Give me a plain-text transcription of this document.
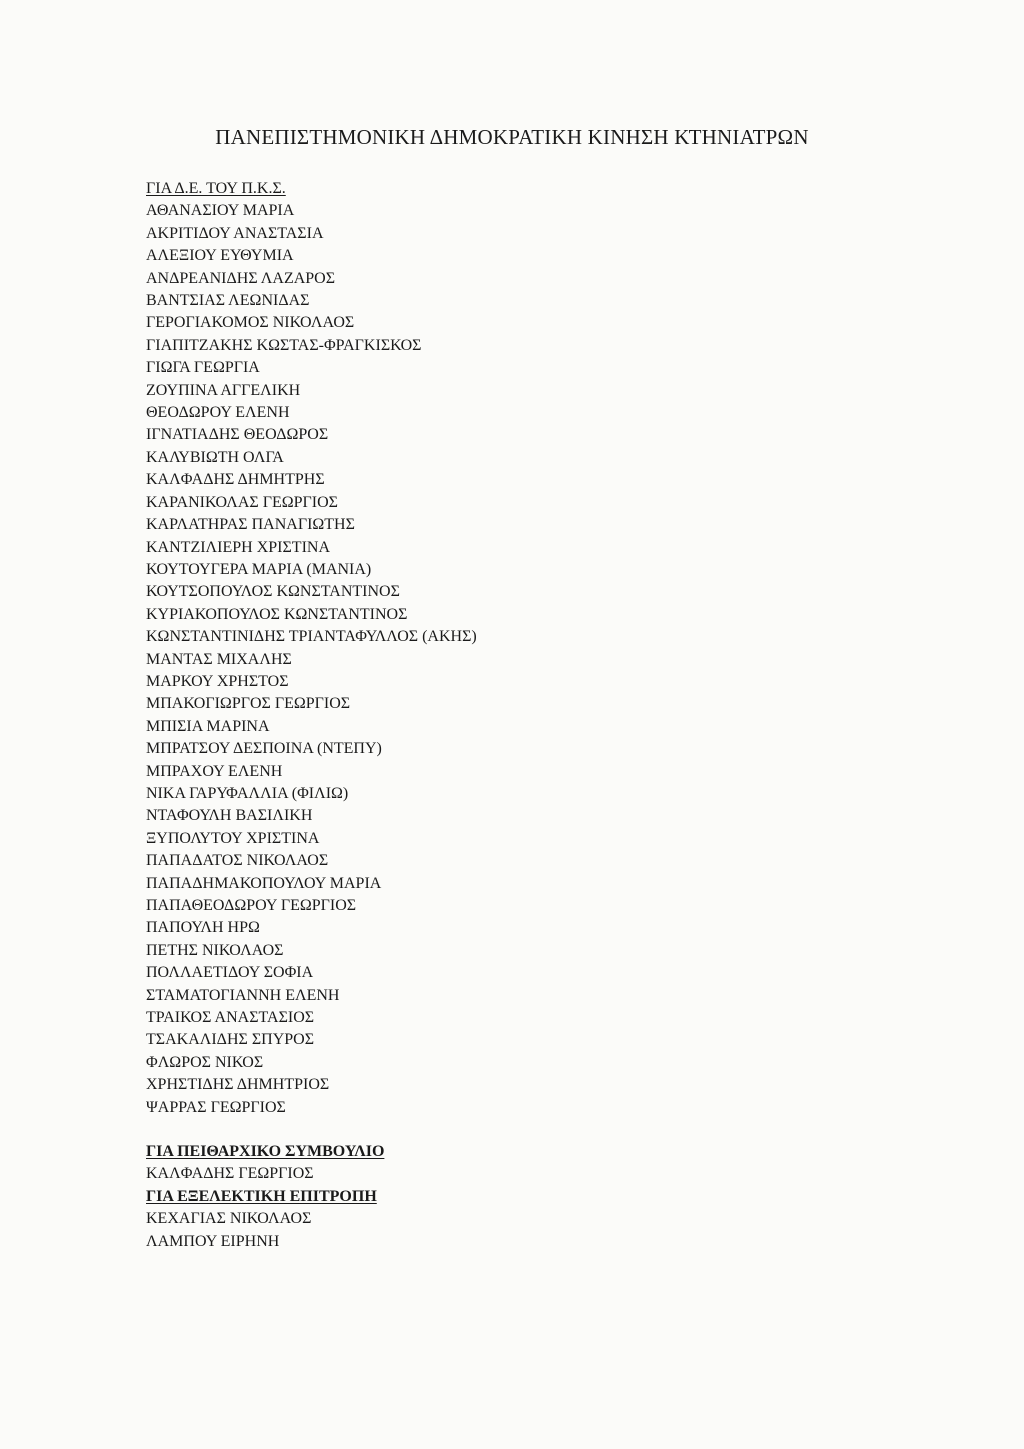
ΠΑΝΕΠΙΣΤΗΜΟΝΙΚΗ ΔΗΜΟΚΡΑΤΙΚΗ ΚΙΝΗΣΗ ΚΤΗΝΙΑΤΡΩΝ
ΓΙΑ Δ.Ε. ΤΟΥ Π.Κ.Σ.
ΑΘΑΝΑΣΙΟΥ ΜΑΡΙΑ
ΑΚΡΙΤΙΔΟΥ ΑΝΑΣΤΑΣΙΑ
ΑΛΕΞΙΟΥ ΕΥΘΥΜΙΑ
ΑΝΔΡΕΑΝΙΔΗΣ ΛΑΖΑΡΟΣ
ΒΑΝΤΣΙΑΣ ΛΕΩΝΙΔΑΣ
ΓΕΡΟΓΙΑΚΟΜΟΣ ΝΙΚΟΛΑΟΣ
ΓΙΑΠΙΤΖΑΚΗΣ ΚΩΣΤΑΣ-ΦΡΑΓΚΙΣΚΟΣ
ΓΙΩΓΑ ΓΕΩΡΓΙΑ
ΖΟΥΠΙΝΑ ΑΓΓΕΛΙΚΗ
ΘΕΟΔΩΡΟΥ ΕΛΕΝΗ
ΙΓΝΑΤΙΑΔΗΣ ΘΕΟΔΩΡΟΣ
ΚΑΛΥΒΙΩΤΗ ΟΛΓΑ
ΚΑΛΦΑΔΗΣ ΔΗΜΗΤΡΗΣ
ΚΑΡΑΝΙΚΟΛΑΣ ΓΕΩΡΓΙΟΣ
ΚΑΡΛΑΤΗΡΑΣ ΠΑΝΑΓΙΩΤΗΣ
ΚΑΝΤΖΙΛΙΕΡΗ ΧΡΙΣΤΙΝΑ
ΚΟΥΤΟΥΓΕΡΑ ΜΑΡΙΑ (ΜΑΝΙΑ)
ΚΟΥΤΣΟΠΟΥΛΟΣ ΚΩΝΣΤΑΝΤΙΝΟΣ
ΚΥΡΙΑΚΟΠΟΥΛΟΣ ΚΩΝΣΤΑΝΤΙΝΟΣ
ΚΩΝΣΤΑΝΤΙΝΙΔΗΣ ΤΡΙΑΝΤΑΦΥΛΛΟΣ (ΑΚΗΣ)
ΜΑΝΤΑΣ ΜΙΧΑΛΗΣ
ΜΑΡΚΟΥ ΧΡΗΣΤΟΣ
ΜΠΑΚΟΓΙΩΡΓΟΣ ΓΕΩΡΓΙΟΣ
ΜΠΙΣΙΑ ΜΑΡΙΝΑ
ΜΠΡΑΤΣΟΥ ΔΕΣΠΟΙΝΑ (ΝΤΕΠΥ)
ΜΠΡΑΧΟΥ ΕΛΕΝΗ
ΝΙΚΑ ΓΑΡΥΦΑΛΛΙΑ (ΦΙΛΙΩ)
ΝΤΑΦΟΥΛΗ ΒΑΣΙΛΙΚΗ
ΞΥΠΟΛΥΤΟΥ ΧΡΙΣΤΙΝΑ
ΠΑΠΑΔΑΤΟΣ ΝΙΚΟΛΑΟΣ
ΠΑΠΑΔΗΜΑΚΟΠΟΥΛΟΥ ΜΑΡΙΑ
ΠΑΠΑΘΕΟΔΩΡΟΥ ΓΕΩΡΓΙΟΣ
ΠΑΠΟΥΛΗ ΗΡΩ
ΠΕΤΗΣ ΝΙΚΟΛΑΟΣ
ΠΟΛΛΑΕΤΙΔΟΥ ΣΟΦΙΑ
ΣΤΑΜΑΤΟΓΙΑΝΝΗ ΕΛΕΝΗ
ΤΡΑΙΚΟΣ ΑΝΑΣΤΑΣΙΟΣ
ΤΣΑΚΑΛΙΔΗΣ ΣΠΥΡΟΣ
ΦΛΩΡΟΣ ΝΙΚΟΣ
ΧΡΗΣΤΙΔΗΣ ΔΗΜΗΤΡΙΟΣ
ΨΑΡΡΑΣ ΓΕΩΡΓΙΟΣ
ΓΙΑ ΠΕΙΘΑΡΧΙΚΟ ΣΥΜΒΟΥΛΙΟ
ΚΑΛΦΑΔΗΣ ΓΕΩΡΓΙΟΣ
ΓΙΑ ΕΞΕΛΕΚΤΙΚΗ ΕΠΙΤΡΟΠΗ
ΚΕΧΑΓΙΑΣ ΝΙΚΟΛΑΟΣ
ΛΑΜΠΟΥ ΕΙΡΗΝΗ
